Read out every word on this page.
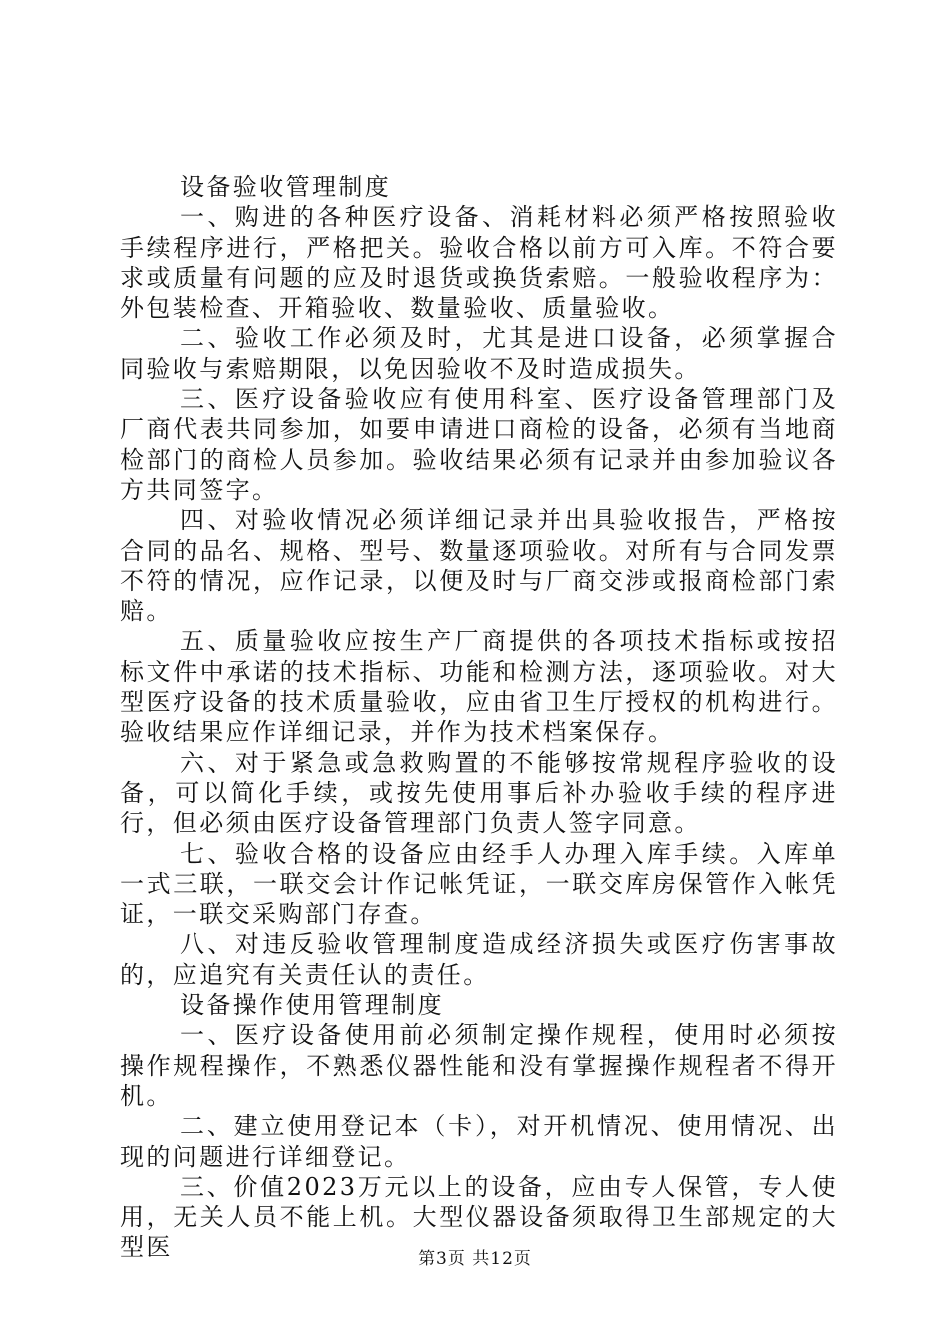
设备验收管理制度

一、购进的各种医疗设备、消耗材料必须严格按照验收手续程序进行，严格把关。验收合格以前方可入库。不符合要求或质量有问题的应及时退货或换货索赔。一般验收程序为：外包装检查、开箱验收、数量验收、质量验收。

二、验收工作必须及时，尤其是进口设备，必须掌握合同验收与索赔期限，以免因验收不及时造成损失。

三、医疗设备验收应有使用科室、医疗设备管理部门及厂商代表共同参加，如要申请进口商检的设备，必须有当地商检部门的商检人员参加。验收结果必须有记录并由参加验议各方共同签字。

四、对验收情况必须详细记录并出具验收报告，严格按合同的品名、规格、型号、数量逐项验收。对所有与合同发票不符的情况，应作记录，以便及时与厂商交涉或报商检部门索赔。

五、质量验收应按生产厂商提供的各项技术指标或按招标文件中承诺的技术指标、功能和检测方法，逐项验收。对大型医疗设备的技术质量验收，应由省卫生厅授权的机构进行。验收结果应作详细记录，并作为技术档案保存。

六、对于紧急或急救购置的不能够按常规程序验收的设备，可以简化手续，或按先使用事后补办验收手续的程序进行，但必须由医疗设备管理部门负责人签字同意。

七、验收合格的设备应由经手人办理入库手续。入库单一式三联，一联交会计作记帐凭证，一联交库房保管作入帐凭证，一联交采购部门存查。

八、对违反验收管理制度造成经济损失或医疗伤害事故的，应追究有关责任认的责任。

设备操作使用管理制度

一、医疗设备使用前必须制定操作规程，使用时必须按操作规程操作，不熟悉仪器性能和没有掌握操作规程者不得开机。

二、建立使用登记本（卡），对开机情况、使用情况、出现的问题进行详细登记。

三、价值2023万元以上的设备，应由专人保管，专人使用，无关人员不能上机。大型仪器设备须取得卫生部规定的大型医	第3页 共12页
